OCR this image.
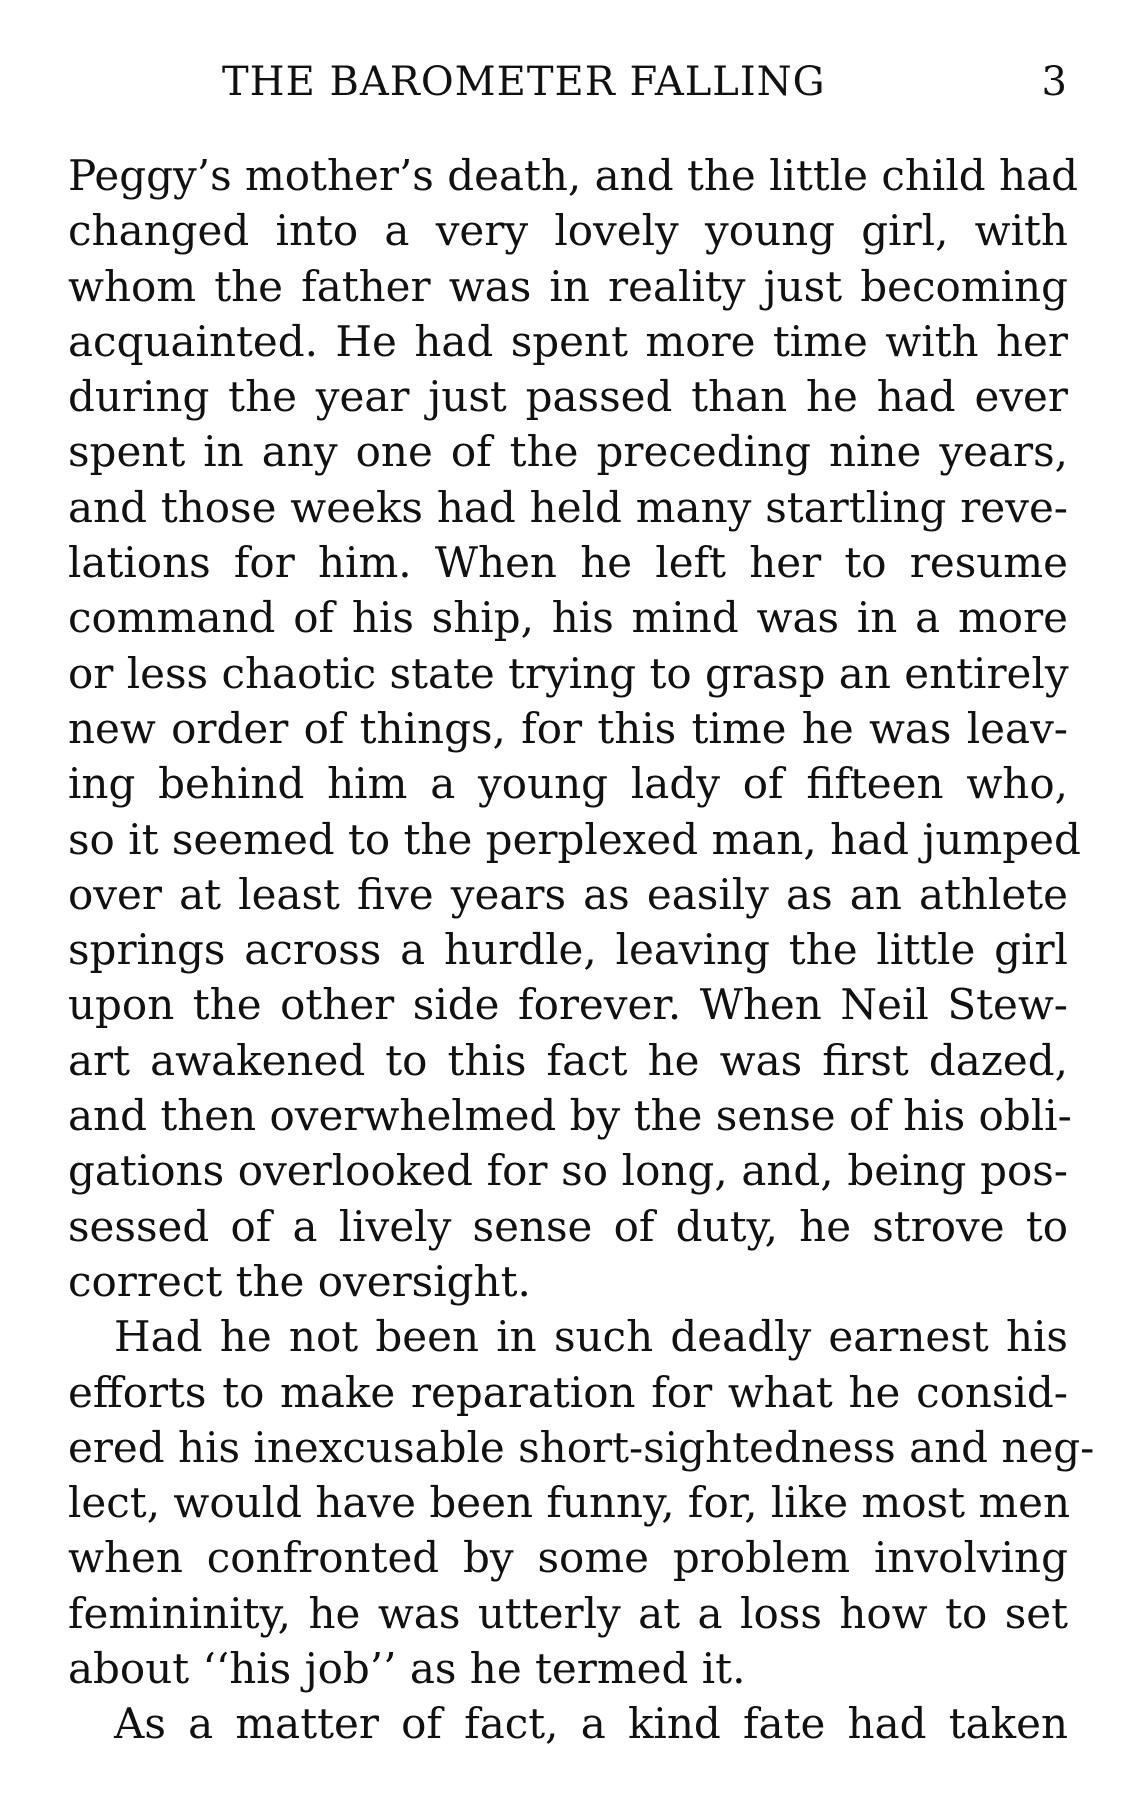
THE BAROMETER FALLING	3
Peggy’s mother’s death, and the little child had
changed into a very lovely young girl, with
whom the father was in reality just becoming
acquainted. He had spent more time with her
during the year just passed than he had ever
spent in any one of the preceding nine years,
and those weeks had held many startling reve-
lations for him. When he left her to resume
command of his ship, his mind was in a more
or less chaotic state trying to grasp an entirely
new order of things, for this time he was leav-
ing behind him a young lady of fifteen who,
so it seemed to the perplexed man, had jumped
over at least five years as easily as an athlete
springs across a hurdle, leaving the little girl
upon the other side forever. When Neil Stew-
art awakened to this fact he was first dazed,
and then overwhelmed by the sense of his obli-
gations overlooked for so long, and, being pos-
sessed of a lively sense of duty, he strove to
correct the oversight.
Had he not been in such deadly earnest his
efforts to make reparation for what he consid-
ered his inexcusable short-sightedness and neg-
lect, would have been funny, for, like most men
when confronted by some problem involving
femininity, he was utterly at a loss how to set
about ‘‘his job’’ as he termed it.
As a matter of fact, a kind fate had taken
